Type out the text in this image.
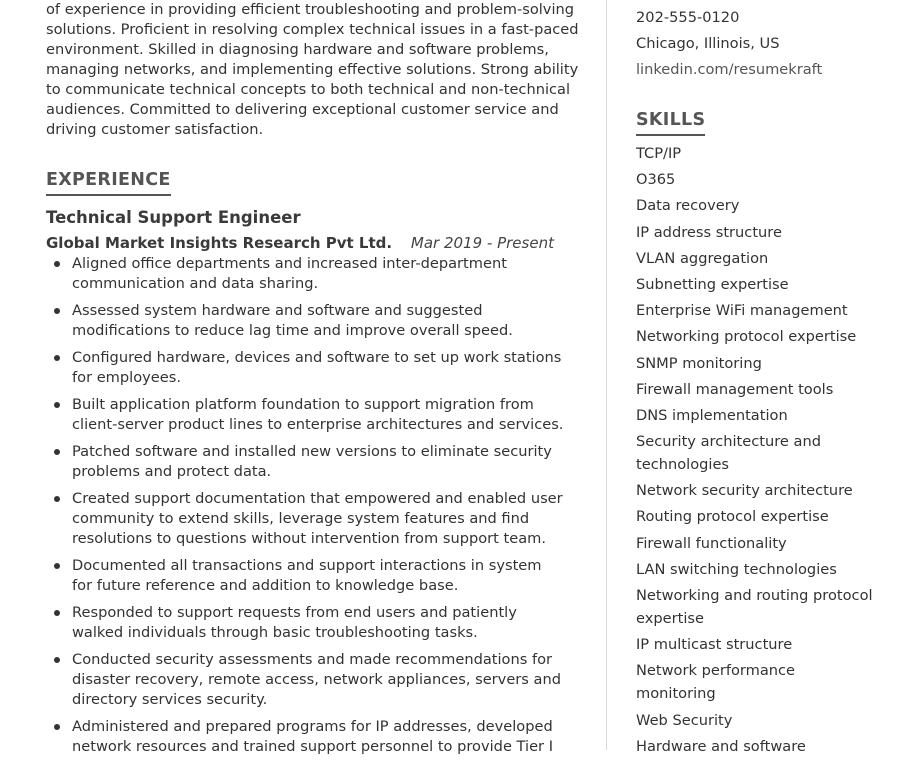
of experience in providing efficient troubleshooting and problem-solving solutions. Proficient in resolving complex technical issues in a fast-paced environment. Skilled in diagnosing hardware and software problems, managing networks, and implementing effective solutions. Strong ability to communicate technical concepts to both technical and non-technical audiences. Committed to delivering exceptional customer service and driving customer satisfaction.
EXPERIENCE
Technical Support Engineer
Global Market Insights Research Pvt Ltd. Mar 2019 - Present
Aligned office departments and increased inter-department communication and data sharing.
Assessed system hardware and software and suggested modifications to reduce lag time and improve overall speed.
Configured hardware, devices and software to set up work stations for employees.
Built application platform foundation to support migration from client-server product lines to enterprise architectures and services.
Patched software and installed new versions to eliminate security problems and protect data.
Created support documentation that empowered and enabled user community to extend skills, leverage system features and find resolutions to questions without intervention from support team.
Documented all transactions and support interactions in system for future reference and addition to knowledge base.
Responded to support requests from end users and patiently walked individuals through basic troubleshooting tasks.
Conducted security assessments and made recommendations for disaster recovery, remote access, network appliances, servers and directory services security.
Administered and prepared programs for IP addresses, developed network resources and trained support personnel to provide Tier I
202-555-0120
Chicago, Illinois, US
linkedin.com/resumekraft
SKILLS
TCP/IP
O365
Data recovery
IP address structure
VLAN aggregation
Subnetting expertise
Enterprise WiFi management
Networking protocol expertise
SNMP monitoring
Firewall management tools
DNS implementation
Security architecture and technologies
Network security architecture
Routing protocol expertise
Firewall functionality
LAN switching technologies
Networking and routing protocol expertise
IP multicast structure
Network performance monitoring
Web Security
Hardware and software
